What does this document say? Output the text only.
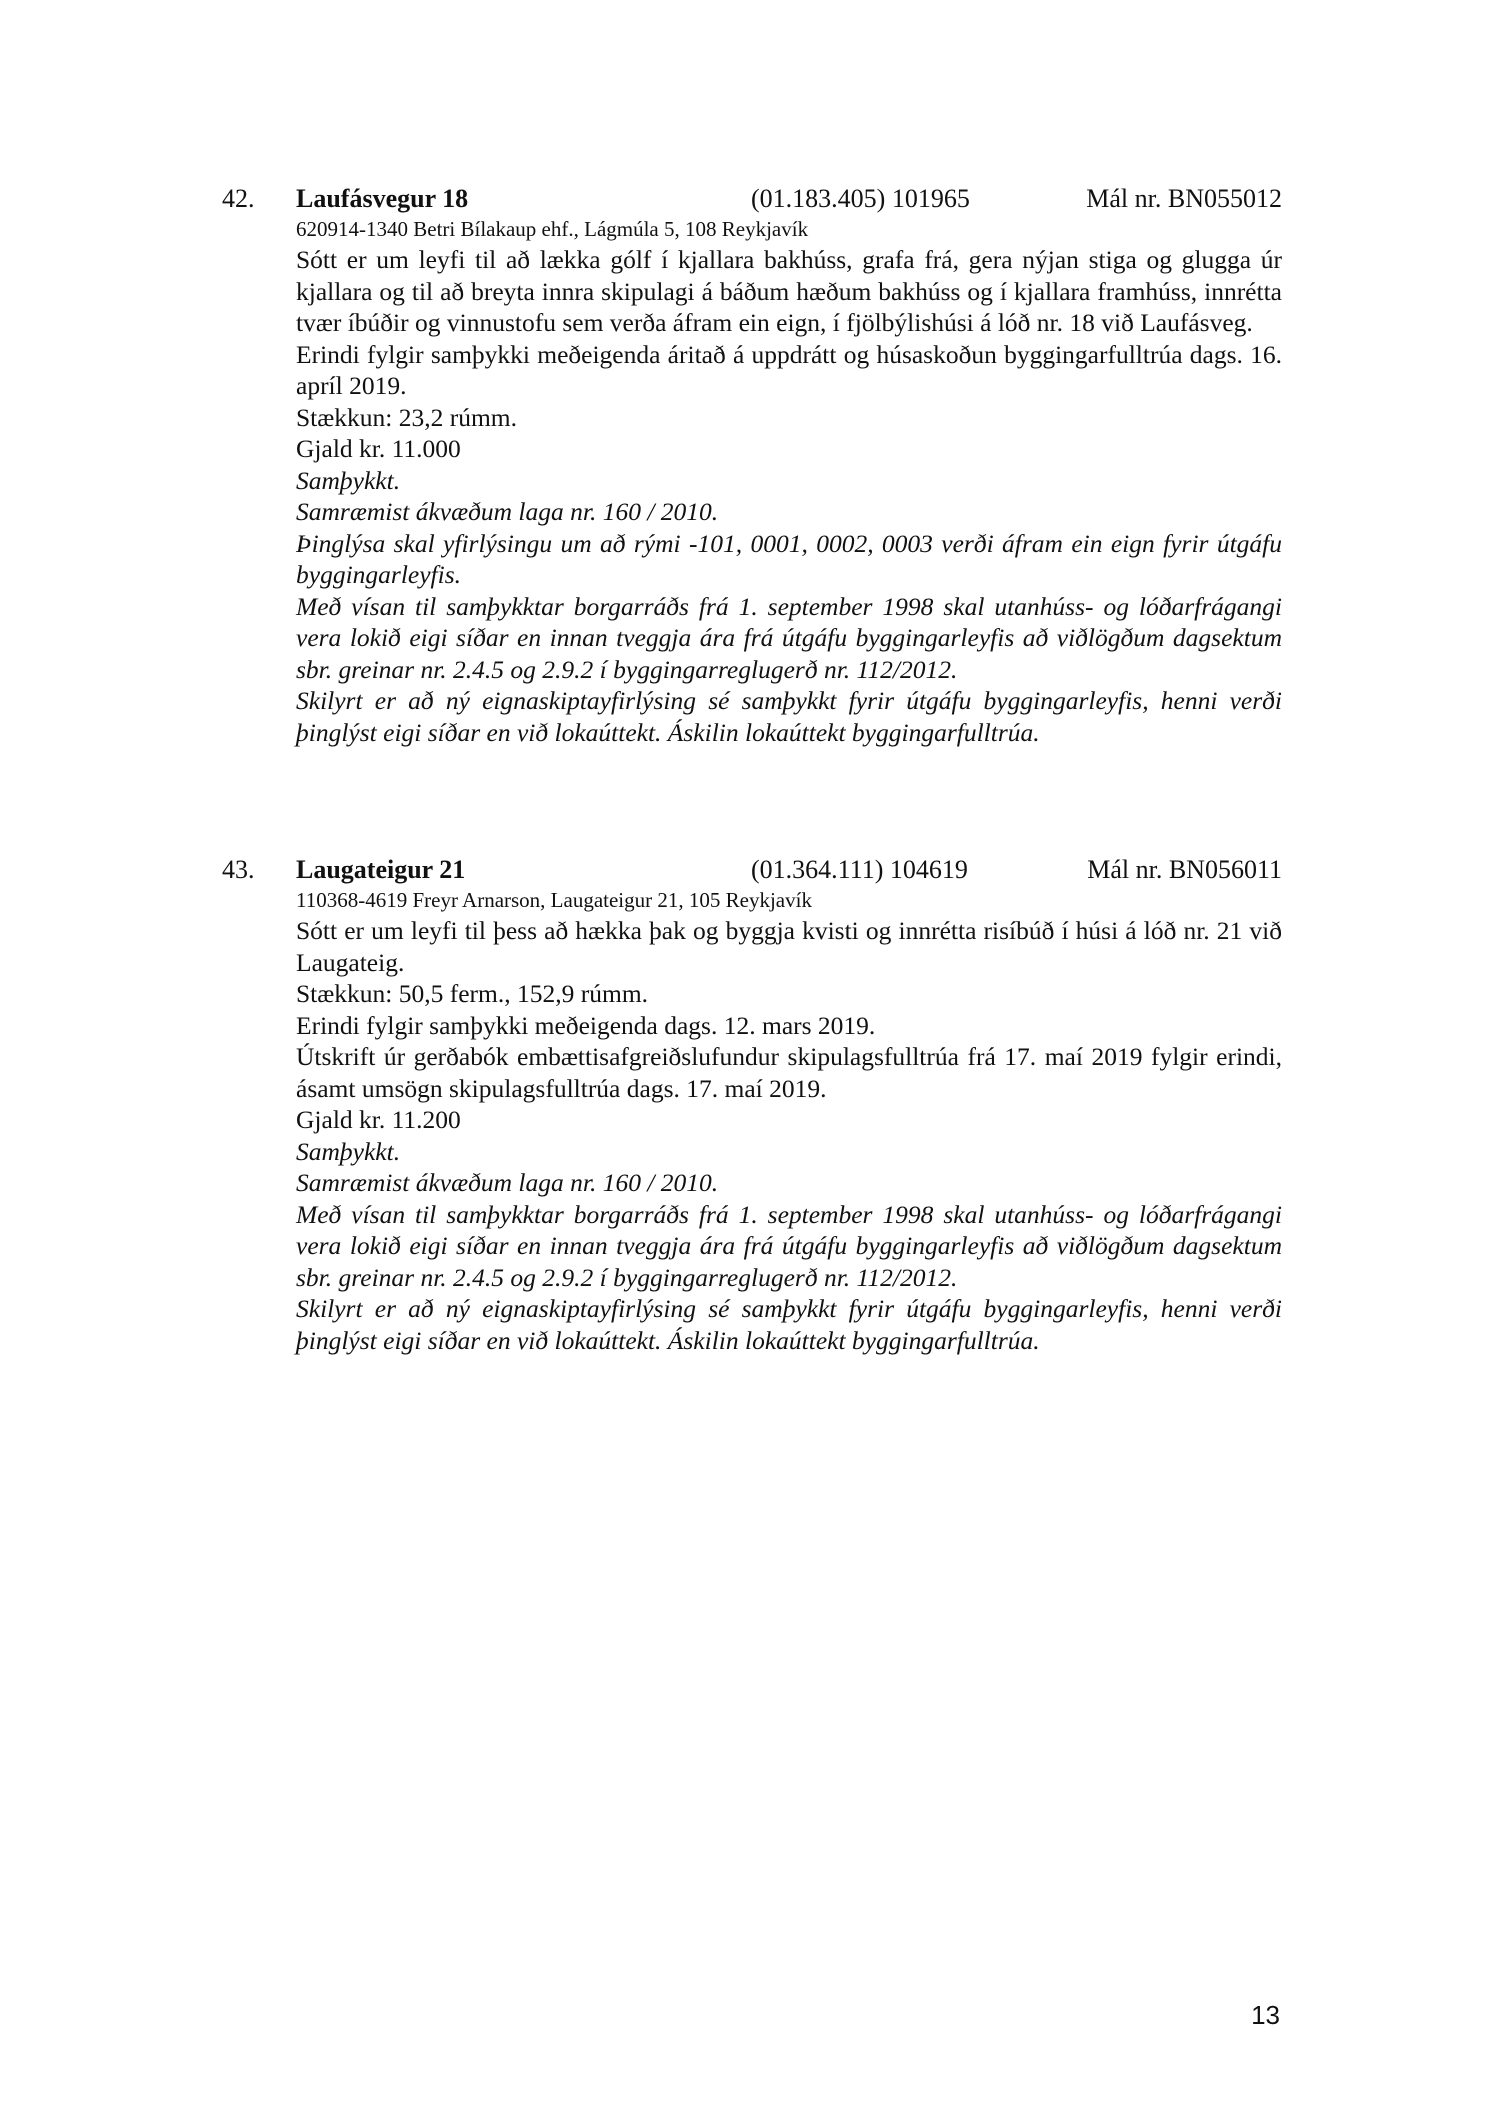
42. Laufásvegur 18	(01.183.405) 101965	Mál nr. BN055012
620914-1340 Betri Bílakaup ehf., Lágmúla 5, 108 Reykjavík
Sótt er um leyfi til að lækka gólf í kjallara bakhúss, grafa frá, gera nýjan stiga og glugga úr kjallara og til að breyta innra skipulagi á báðum hæðum bakhúss og í kjallara framhúss, innrétta tvær íbúðir og vinnustofu sem verða áfram ein eign, í fjölbýlishúsi á lóð nr. 18 við Laufásveg.
Erindi fylgir samþykki meðeigenda áritað á uppdrátt og húsaskoðun byggingarfulltrúa dags. 16. apríl 2019.
Stækkun: 23,2 rúmm.
Gjald kr. 11.000
Samþykkt.
Samræmist ákvæðum laga nr. 160 / 2010.
Þinglýsa skal yfirlýsingu um að rými -101, 0001, 0002, 0003 verði áfram ein eign fyrir útgáfu byggingarleyfis.
Með vísan til samþykktar borgarráðs frá 1. september 1998 skal utanhúss- og lóðarfrágangi vera lokið eigi síðar en innan tveggja ára frá útgáfu byggingarleyfis að viðlögðum dagsektum sbr. greinar nr. 2.4.5 og 2.9.2 í byggingarreglugerð nr. 112/2012.
Skilyrt er að ný eignaskiptayfirlýsing sé samþykkt fyrir útgáfu byggingarleyfis, henni verði þinglýst eigi síðar en við lokaúttekt. Áskilin lokaúttekt byggingarfulltrúa.
43. Laugateigur 21	(01.364.111) 104619	Mál nr. BN056011
110368-4619 Freyr Arnarson, Laugateigur 21, 105 Reykjavík
Sótt er um leyfi til þess að hækka þak og byggja kvisti og innrétta risíbúð í húsi á lóð nr. 21 við Laugateig.
Stækkun: 50,5 ferm., 152,9 rúmm.
Erindi fylgir samþykki meðeigenda dags. 12. mars 2019.
Útskrift úr gerðabók embættisafgreiðslufundur skipulagsfulltrúa frá 17. maí 2019 fylgir erindi, ásamt umsögn skipulagsfulltrúa dags. 17. maí 2019.
Gjald kr. 11.200
Samþykkt.
Samræmist ákvæðum laga nr. 160 / 2010.
Með vísan til samþykktar borgarráðs frá 1. september 1998 skal utanhúss- og lóðarfrágangi vera lokið eigi síðar en innan tveggja ára frá útgáfu byggingarleyfis að viðlögðum dagsektum sbr. greinar nr. 2.4.5 og 2.9.2 í byggingarreglugerð nr. 112/2012.
Skilyrt er að ný eignaskiptayfirlýsing sé samþykkt fyrir útgáfu byggingarleyfis, henni verði þinglýst eigi síðar en við lokaúttekt. Áskilin lokaúttekt byggingarfulltrúa.
13
